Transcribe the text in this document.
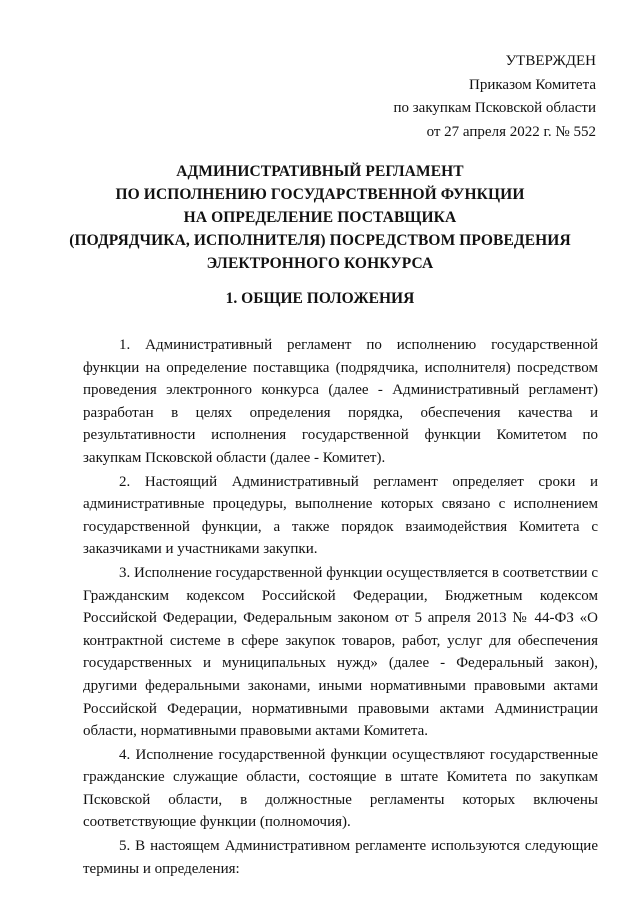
УТВЕРЖДЕН
Приказом Комитета
по закупкам Псковской области
от 27 апреля 2022 г. № 552
АДМИНИСТРАТИВНЫЙ РЕГЛАМЕНТ
ПО ИСПОЛНЕНИЮ ГОСУДАРСТВЕННОЙ ФУНКЦИИ
НА ОПРЕДЕЛЕНИЕ ПОСТАВЩИКА
(ПОДРЯДЧИКА, ИСПОЛНИТЕЛЯ) ПОСРЕДСТВОМ ПРОВЕДЕНИЯ
ЭЛЕКТРОННОГО КОНКУРСА
1. ОБЩИЕ ПОЛОЖЕНИЯ

1. Административный регламент по исполнению государственной функции на определение поставщика (подрядчика, исполнителя) посредством проведения электронного конкурса (далее - Административный регламент) разработан в целях определения порядка, обеспечения качества и результативности исполнения государственной функции Комитетом по закупкам Псковской области (далее - Комитет).

2. Настоящий Административный регламент определяет сроки и административные процедуры, выполнение которых связано с исполнением государственной функции, а также порядок взаимодействия Комитета с заказчиками и участниками закупки.

3. Исполнение государственной функции осуществляется в соответствии с Гражданским кодексом Российской Федерации, Бюджетным кодексом Российской Федерации, Федеральным законом от 5 апреля 2013 № 44-ФЗ «О контрактной системе в сфере закупок товаров, работ, услуг для обеспечения государственных и муниципальных нужд» (далее - Федеральный закон), другими федеральными законами, иными нормативными правовыми актами Российской Федерации, нормативными правовыми актами Администрации области, нормативными правовыми актами Комитета.

4. Исполнение государственной функции осуществляют государственные гражданские служащие области, состоящие в штате Комитета по закупкам Псковской области, в должностные регламенты которых включены соответствующие функции (полномочия).

5. В настоящем Административном регламенте используются следующие термины и определения:
